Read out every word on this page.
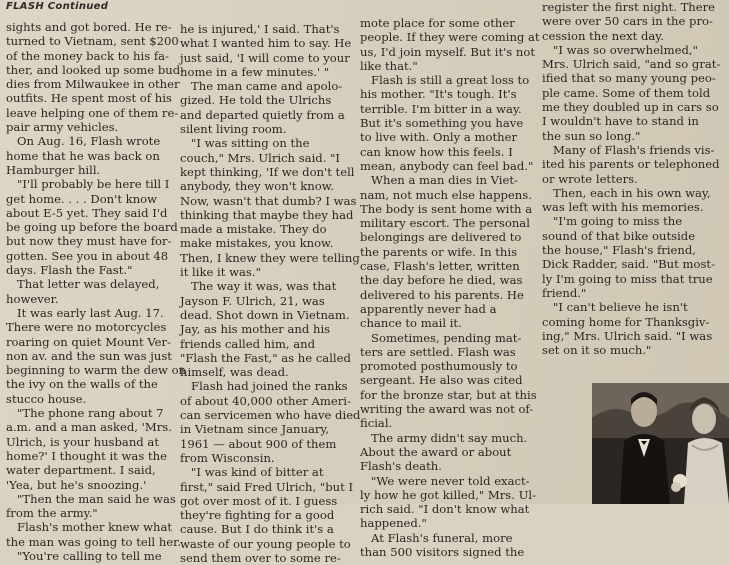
FLASH Continued

sights and got bored. He re-

turned to Vietnam, sent $200

of the money back to his fa-

ther, and looked up some bud-

dies from Milwaukee in other

outfits. He spent most of his

leave helping one of them re-

pair army vehicles.

On Aug. 16, Flash wrote

home that he was back on

Hamburger hill.

"I'll probably be here till I

get home. . . . Don't know

about E-5 yet. They said I'd

be going up before the board

but now they must have for-

gotten. See you in about 48

days. Flash the Fast."

That letter was delayed,

however.

It was early last Aug. 17.

There were no motorcycles

roaring on quiet Mount Ver-

non av. and the sun was just

beginning to warm the dew on

the ivy on the walls of the

stucco house.

"The phone rang about 7

a.m. and a man asked, 'Mrs.

Ulrich, is your husband at

home?' I thought it was the

water department. I said,

'Yea, but he's snoozing.'

"Then the man said he was

from the army."

Flash's mother knew what

the man was going to tell her.

"You're calling to tell me

he is injured,' I said. That's

what I wanted him to say. He

just said, 'I will come to your

home in a few minutes.' "

The man came and apolo-

gized. He told the Ulrichs

and departed quietly from a

silent living room.

"I was sitting on the

couch," Mrs. Ulrich said. "I

kept thinking, 'If we don't tell

anybody, they won't know.

Now, wasn't that dumb? I was

thinking that maybe they had

made a mistake. They do

make mistakes, you know.

Then, I knew they were telling

it like it was."

The way it was, was that

Jayson F. Ulrich, 21, was

dead. Shot down in Vietnam.

Jay, as his mother and his

friends called him, and

"Flash the Fast," as he called

himself, was dead.

Flash had joined the ranks

of about 40,000 other Ameri-

can servicemen who have died

in Vietnam since January,

1961 — about 900 of them

from Wisconsin.

"I was kind of bitter at

first," said Fred Ulrich, "but I

got over most of it. I guess

they're fighting for a good

cause. But I do think it's a

waste of our young people to

send them over to some re-

mote place for some other

people. If they were coming at

us, I'd join myself. But it's not

like that."

Flash is still a great loss to

his mother. "It's tough. It's

terrible. I'm bitter in a way.

But it's something you have

to live with. Only a mother

can know how this feels. I

mean, anybody can feel bad."

When a man dies in Viet-

nam, not much else happens.

The body is sent home with a

military escort. The personal

belongings are delivered to

the parents or wife. In this

case, Flash's letter, written

the day before he died, was

delivered to his parents. He

apparently never had a

chance to mail it.

Sometimes, pending mat-

ters are settled. Flash was

promoted posthumously to

sergeant. He also was cited

for the bronze star, but at this

writing the award was not of-

ficial.

The army didn't say much.

About the award or about

Flash's death.

"We were never told exact-

ly how he got killed," Mrs. Ul-

rich said. "I don't know what

happened."

At Flash's funeral, more

than 500 visitors signed the

register the first night. There

were over 50 cars in the pro-

cession the next day.

"I was so overwhelmed,"

Mrs. Ulrich said, "and so grat-

ified that so many young peo-

ple came. Some of them told

me they doubled up in cars so

I wouldn't have to stand in

the sun so long."

Many of Flash's friends vis-

ited his parents or telephoned

or wrote letters.

Then, each in his own way,

was left with his memories.

"I'm going to miss the

sound of that bike outside

the house," Flash's friend,

Dick Radder, said. "But most-

ly I'm going to miss that true

friend."

"I can't believe he isn't

coming home for Thanksgiv-

ing," Mrs. Ulrich said. "I was

set on it so much."
